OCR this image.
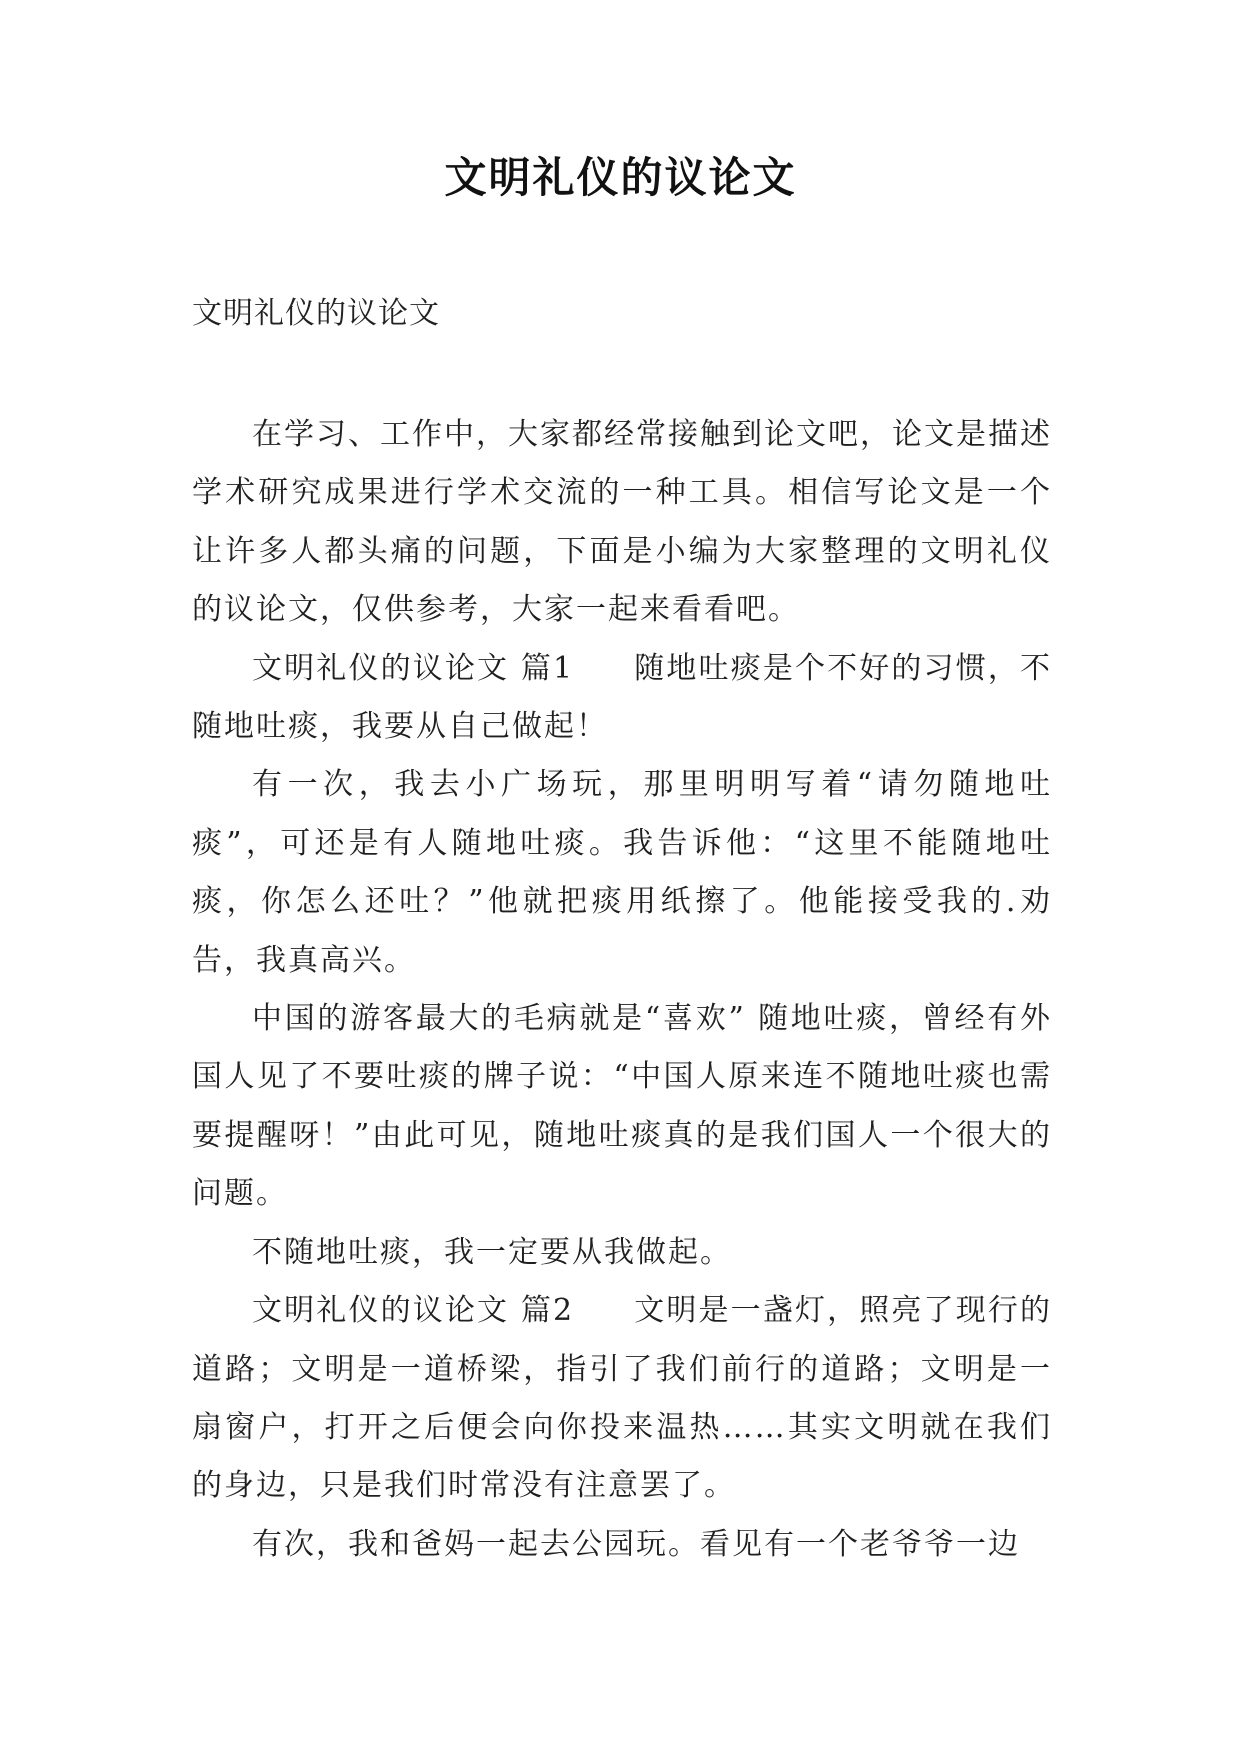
文明礼仪的议论文
文明礼仪的议论文

在学习、工作中，大家都经常接触到论文吧，论文是描述学术研究成果进行学术交流的一种工具。相信写论文是一个让许多人都头痛的问题，下面是小编为大家整理的文明礼仪的议论文，仅供参考，大家一起来看看吧。

文明礼仪的议论文 篇1 随地吐痰是个不好的习惯，不随地吐痰，我要从自己做起！

有一次，我去小广场玩，那里明明写着“请勿随地吐痰”，可还是有人随地吐痰。我告诉他：“这里不能随地吐痰，你怎么还吐？”他就把痰用纸擦了。他能接受我的.劝告，我真高兴。

中国的游客最大的毛病就是“喜欢” 随地吐痰，曾经有外国人见了不要吐痰的牌子说：“中国人原来连不随地吐痰也需要提醒呀！”由此可见，随地吐痰真的是我们国人一个很大的问题。

不随地吐痰，我一定要从我做起。

文明礼仪的议论文 篇2 文明是一盏灯，照亮了现行的道路；文明是一道桥梁，指引了我们前行的道路；文明是一扇窗户，打开之后便会向你投来温热……其实文明就在我们的身边，只是我们时常没有注意罢了。

有次，我和爸妈一起去公园玩。看见有一个老爷爷一边
